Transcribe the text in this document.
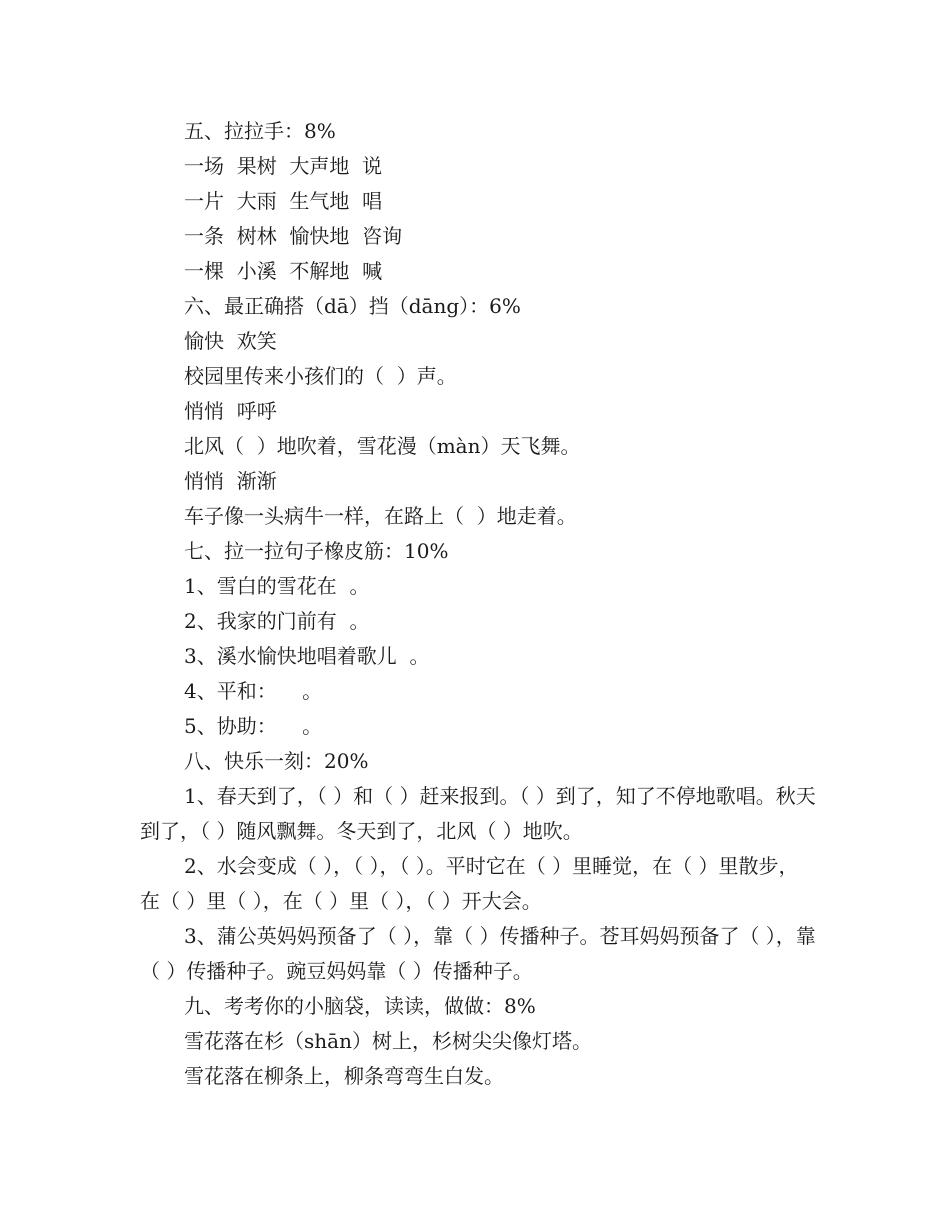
五、拉拉手：8%
一场  果树  大声地  说
一片  大雨  生气地  唱
一条  树林  愉快地  咨询
一棵  小溪  不解地  喊
六、最正确搭（dā）挡（dāng）：6%
愉快  欢笑
校园里传来小孩们的（  ）声。
悄悄  呼呼
北风（  ）地吹着，雪花漫（màn）天飞舞。
悄悄  渐渐
车子像一头病牛一样，在路上（  ）地走着。
七、拉一拉句子橡皮筋：10%
1、雪白的雪花在  。
2、我家的门前有  。
3、溪水愉快地唱着歌儿  。
4、平和：    。
5、协助：    。
八、快乐一刻：20%
1、春天到了，（ ）和（ ）赶来报到。（ ）到了，知了不停地歌唱。秋天到了，（ ）随风飘舞。冬天到了，北风（ ）地吹。
2、水会变成（ ），（ ），（ ）。平时它在（ ）里睡觉，在（ ）里散步，在（ ）里（ ），在（ ）里（ ），（ ）开大会。
3、蒲公英妈妈预备了（ ），靠（ ）传播种子。苍耳妈妈预备了（ ），靠（ ）传播种子。豌豆妈妈靠（ ）传播种子。
九、考考你的小脑袋，读读，做做：8%
雪花落在杉（shān）树上，杉树尖尖像灯塔。
雪花落在柳条上，柳条弯弯生白发。
